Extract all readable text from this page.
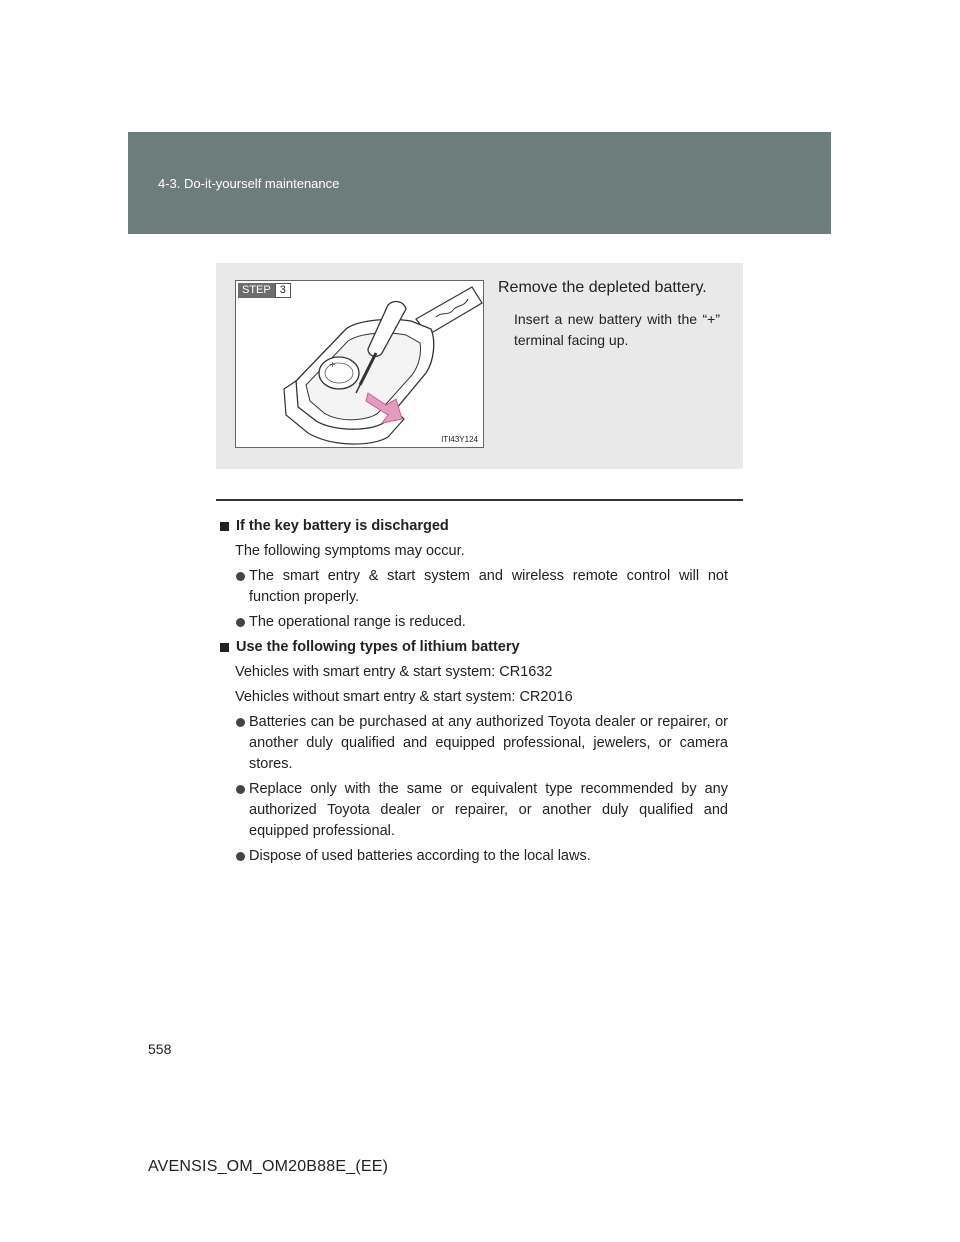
4-3. Do-it-yourself maintenance
+
STEP 3
ITI43Y124
Remove the depleted battery.
Insert a new battery with the “+” terminal facing up.
If the key battery is discharged
The following symptoms may occur.
The smart entry & start system and wireless remote control will not function properly.
The operational range is reduced.
Use the following types of lithium battery
Vehicles with smart entry & start system: CR1632
Vehicles without smart entry & start system: CR2016
Batteries can be purchased at any authorized Toyota dealer or repairer, or another duly qualified and equipped professional, jewelers, or camera stores.
Replace only with the same or equivalent type recommended by any authorized Toyota dealer or repairer, or another duly qualified and equipped professional.
Dispose of used batteries according to the local laws.
558
AVENSIS_OM_OM20B88E_(EE)
